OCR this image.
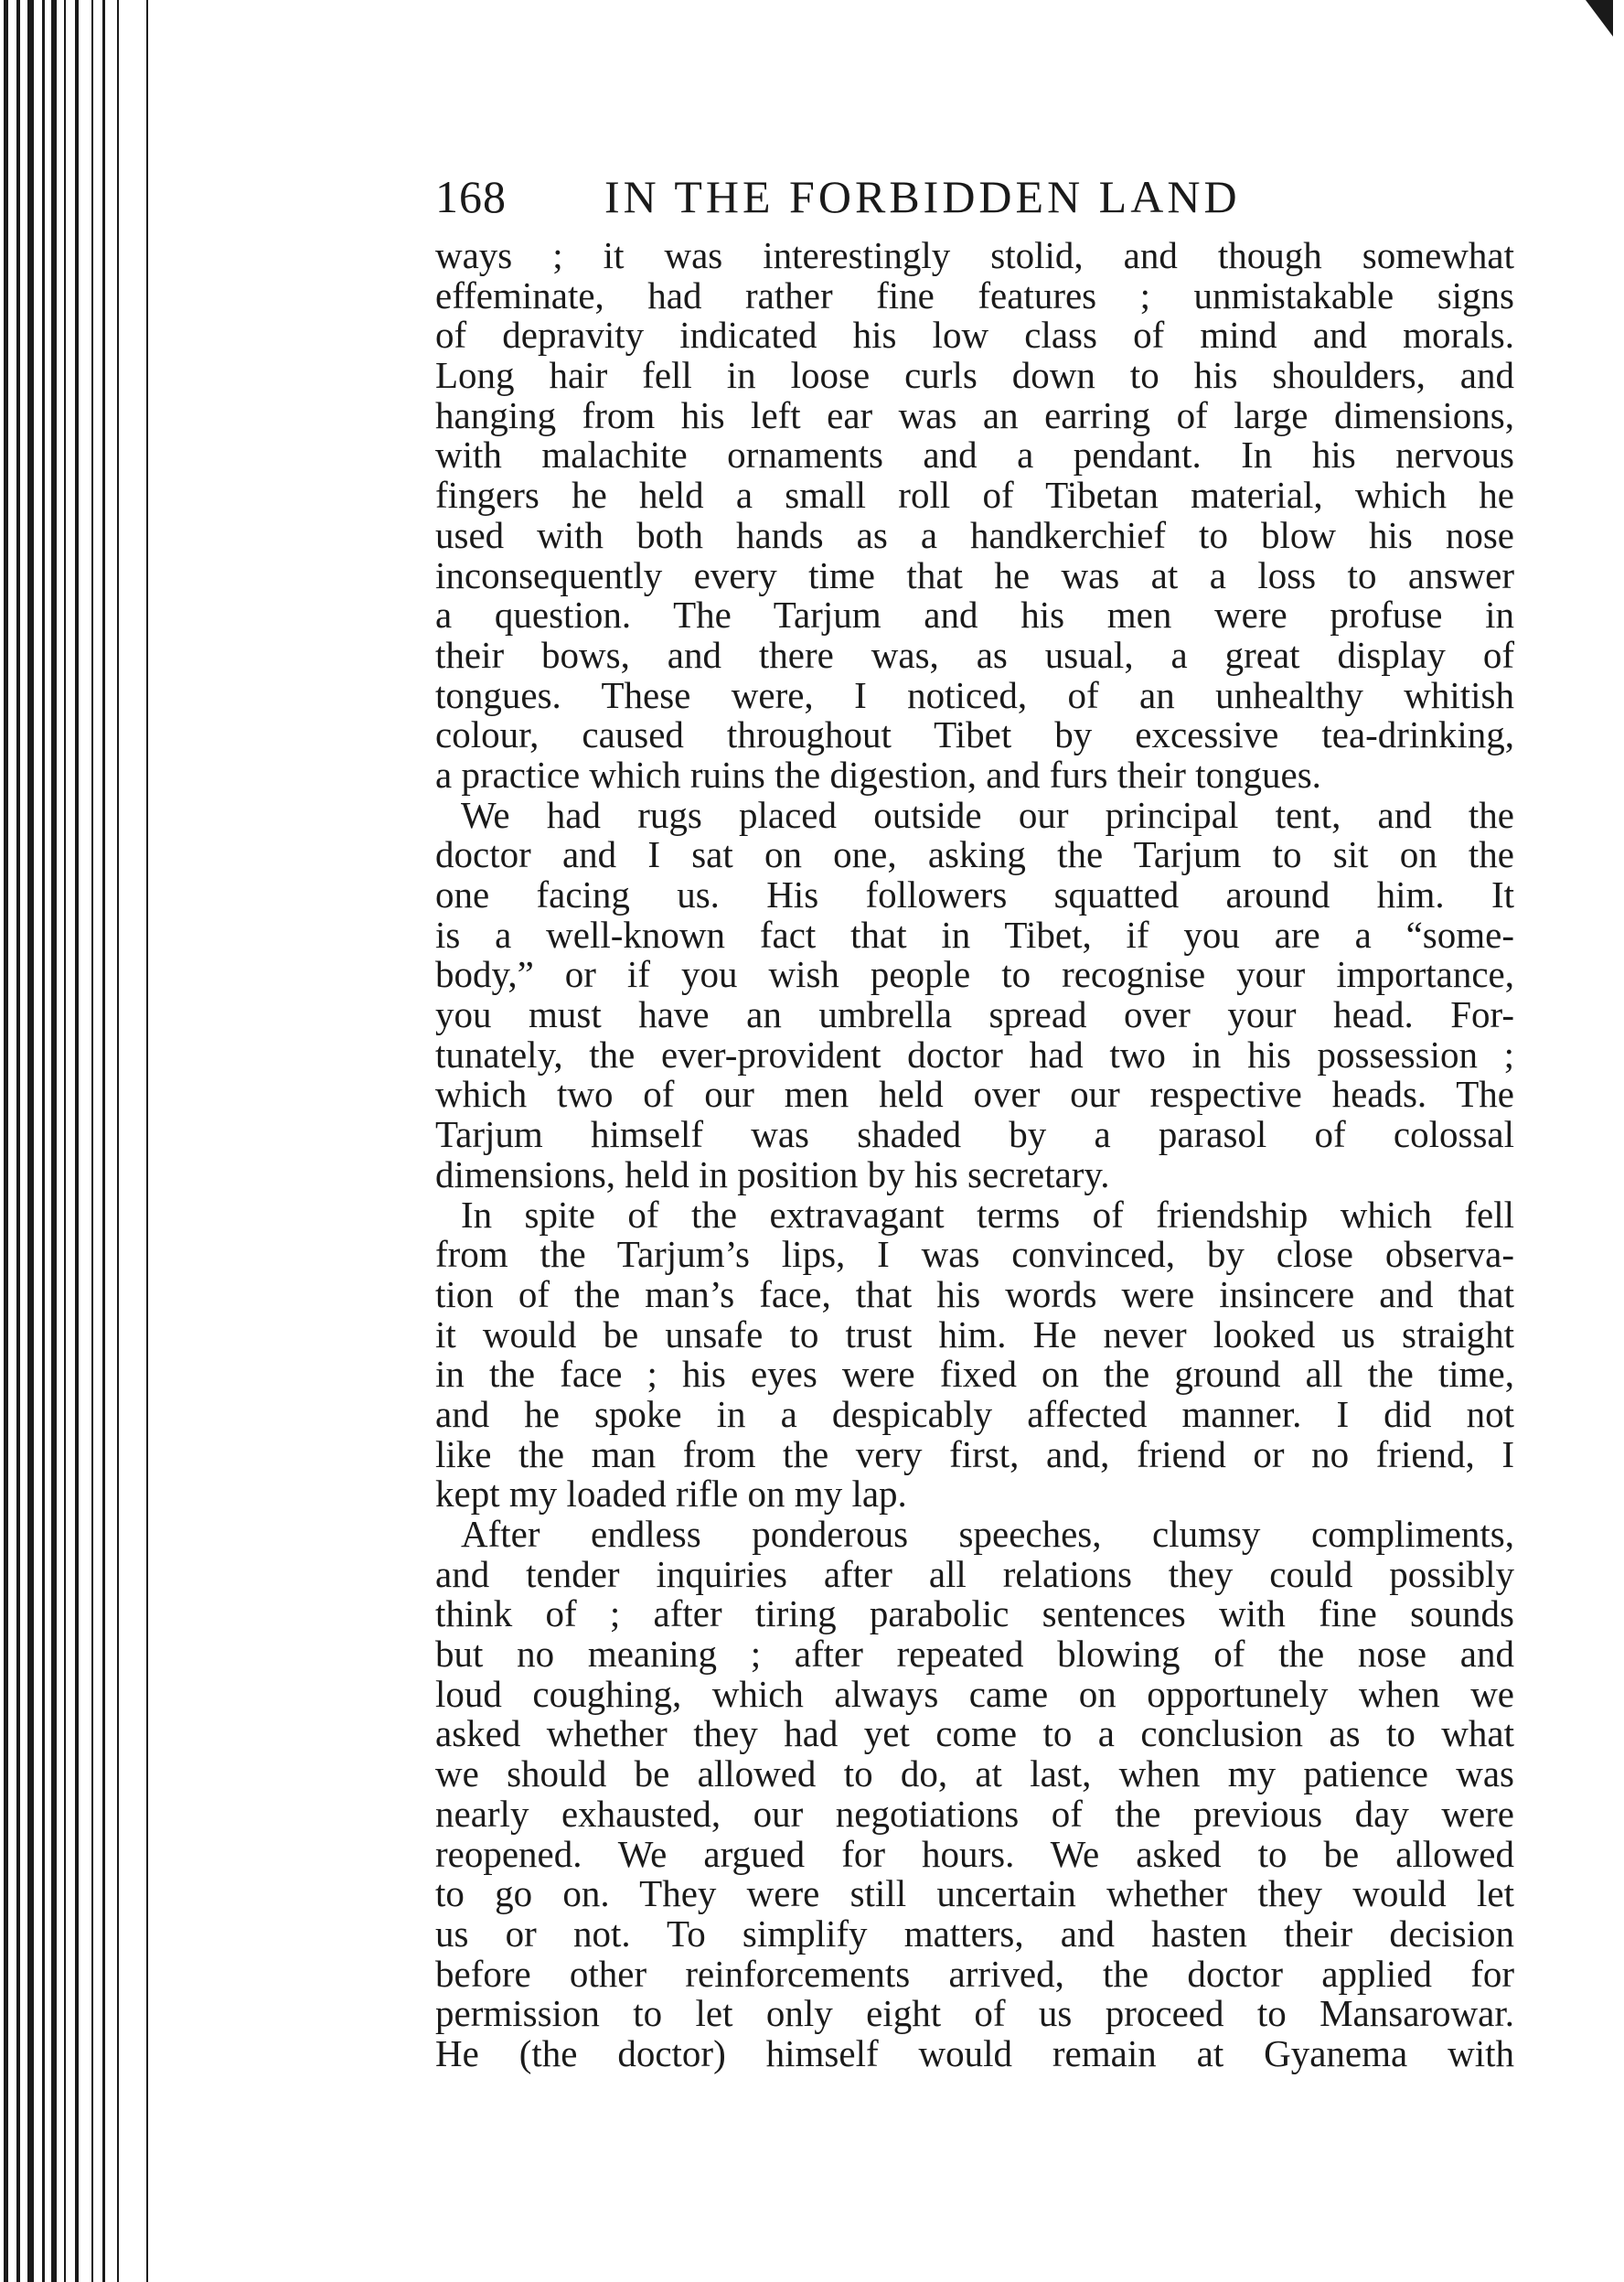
168 IN THE FORBIDDEN LAND
ways ; it was interestingly stolid, and though somewhat
effeminate, had rather fine features ; unmistakable signs
of depravity indicated his low class of mind and morals.
Long hair fell in loose curls down to his shoulders, and
hanging from his left ear was an earring of large dimensions,
with malachite ornaments and a pendant. In his nervous
fingers he held a small roll of Tibetan material, which he
used with both hands as a handkerchief to blow his nose
inconsequently every time that he was at a loss to answer
a question. The Tarjum and his men were profuse in
their bows, and there was, as usual, a great display of
tongues. These were, I noticed, of an unhealthy whitish
colour, caused throughout Tibet by excessive tea-drinking,
a practice which ruins the digestion, and furs their tongues.
We had rugs placed outside our principal tent, and the
doctor and I sat on one, asking the Tarjum to sit on the
one facing us. His followers squatted around him. It
is a well-known fact that in Tibet, if you are a “some-
body,” or if you wish people to recognise your importance,
you must have an umbrella spread over your head. For-
tunately, the ever-provident doctor had two in his possession ;
which two of our men held over our respective heads. The
Tarjum himself was shaded by a parasol of colossal
dimensions, held in position by his secretary.
In spite of the extravagant terms of friendship which fell
from the Tarjum’s lips, I was convinced, by close observa-
tion of the man’s face, that his words were insincere and that
it would be unsafe to trust him. He never looked us straight
in the face ; his eyes were fixed on the ground all the time,
and he spoke in a despicably affected manner. I did not
like the man from the very first, and, friend or no friend, I
kept my loaded rifle on my lap.
After endless ponderous speeches, clumsy compliments,
and tender inquiries after all relations they could possibly
think of ; after tiring parabolic sentences with fine sounds
but no meaning ; after repeated blowing of the nose and
loud coughing, which always came on opportunely when we
asked whether they had yet come to a conclusion as to what
we should be allowed to do, at last, when my patience was
nearly exhausted, our negotiations of the previous day were
reopened. We argued for hours. We asked to be allowed
to go on. They were still uncertain whether they would let
us or not. To simplify matters, and hasten their decision
before other reinforcements arrived, the doctor applied for
permission to let only eight of us proceed to Mansarowar.
He (the doctor) himself would remain at Gyanema with
